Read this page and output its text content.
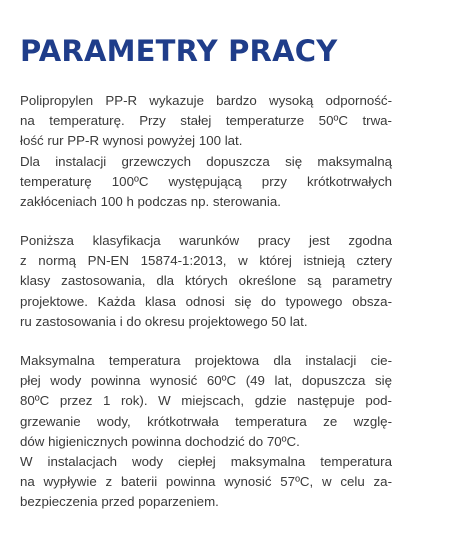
PARAMETRY PRACY

Polipropylen PP-R wykazuje bardzo wysoką odporność-
na temperaturę. Przy stałej temperaturze 50ºC trwa-
łość rur PP-R wynosi powyżej 100 lat.
Dla instalacji grzewczych dopuszcza się maksymalną
temperaturę 100ºC występującą przy krótkotrwałych
zakłóceniach 100 h podczas np. sterowania.

Poniższa klasyfikacja warunków pracy jest zgodna
z normą PN-EN 15874-1:2013, w której istnieją cztery
klasy zastosowania, dla których określone są parametry
projektowe. Każda klasa odnosi się do typowego obsza-
ru zastosowania i do okresu projektowego 50 lat.

Maksymalna temperatura projektowa dla instalacji cie-
płej wody powinna wynosić 60ºC (49 lat, dopuszcza się
80ºC przez 1 rok). W miejscach, gdzie następuje pod-
grzewanie wody, krótkotrwała temperatura ze wzglę-
dów higienicznych powinna dochodzić do 70ºC.
W instalacjach wody ciepłej maksymalna temperatura
na wypływie z baterii powinna wynosić 57ºC, w celu za-
bezpieczenia przed poparzeniem.
